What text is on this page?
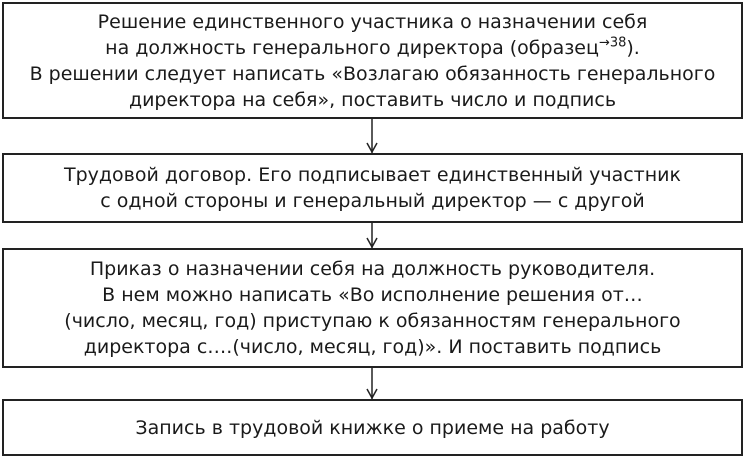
Решение единственного участника о назначении себя
на должность генерального директора (образец$^{\to 38}$).
В решении следует написать «Возлагаю обязанность генерального
директора на себя», поставить число и подпись
Трудовой договор. Его подписывает единственный участник
с одной стороны и генеральный директор — с другой
Приказ о назначении себя на должность руководителя.
В нем можно написать «Во исполнение решения от…
(число, месяц, год) приступаю к обязанностям генерального
директора с….(число, месяц, год)». И поставить подпись
Запись в трудовой книжке о приеме на работу
